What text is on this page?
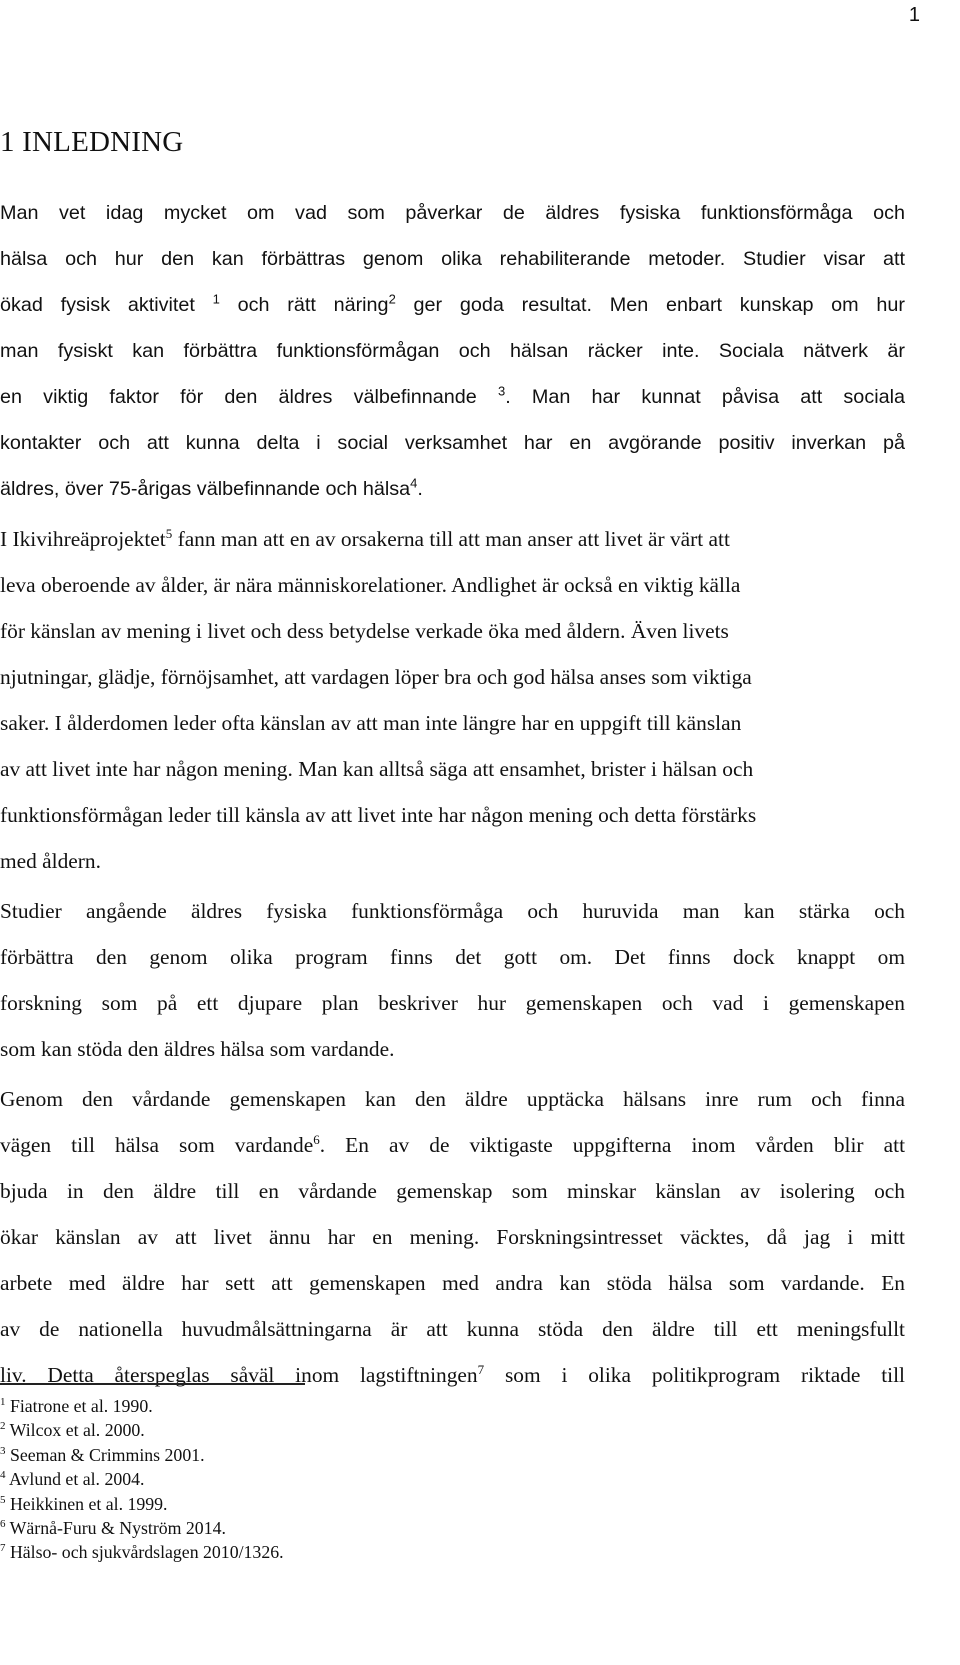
1
1 INLEDNING

Man vet idag mycket om vad som påverkar de äldres fysiska funktionsförmåga och
hälsa och hur den kan förbättras genom olika rehabiliterande metoder. Studier visar att
ökad fysisk aktivitet $^1$ och rätt näring$^2$ ger goda resultat. Men enbart kunskap om hur
man fysiskt kan förbättra funktionsförmågan och hälsan räcker inte. Sociala nätverk är
en viktig faktor för den äldres välbefinnande $^3$. Man har kunnat påvisa att sociala
kontakter och att kunna delta i social verksamhet har en avgörande positiv inverkan på
äldres, över 75-årigas välbefinnande och hälsa$^4$.

I Ikivihreäprojektet$^5$ fann man att en av orsakerna till att man anser att livet är värt att
leva oberoende av ålder, är nära människorelationer. Andlighet är också en viktig källa
för känslan av mening i livet och dess betydelse verkade öka med åldern. Även livets
njutningar, glädje, förnöjsamhet, att vardagen löper bra och god hälsa anses som viktiga
saker. I ålderdomen leder ofta känslan av att man inte längre har en uppgift till känslan
av att livet inte har någon mening. Man kan alltså säga att ensamhet, brister i hälsan och
funktionsförmågan leder till känsla av att livet inte har någon mening och detta förstärks
med åldern.

Studier angående äldres fysiska funktionsförmåga och huruvida man kan stärka och
förbättra den genom olika program finns det gott om. Det finns dock knappt om
forskning som på ett djupare plan beskriver hur gemenskapen och vad i gemenskapen
som kan stöda den äldres hälsa som vardande.

Genom den vårdande gemenskapen kan den äldre upptäcka hälsans inre rum och finna
vägen till hälsa som vardande$^6$. En av de viktigaste uppgifterna inom vården blir att
bjuda in den äldre till en vårdande gemenskap som minskar känslan av isolering och
ökar känslan av att livet ännu har en mening. Forskningsintresset väcktes, då jag i mitt
arbete med äldre har sett att gemenskapen med andra kan stöda hälsa som vardande. En
av de nationella huvudmålsättningarna är att kunna stöda den äldre till ett meningsfullt
liv. Detta återspeglas såväl inom lagstiftningen$^7$ som i olika politikprogram riktade till

$^1$ Fiatrone et al. 1990.
$^2$ Wilcox et al. 2000.
$^3$ Seeman & Crimmins 2001.
$^4$ Avlund et al. 2004.
$^5$ Heikkinen et al. 1999.
$^6$ Wärnå-Furu & Nyström 2014.
$^7$ Hälso- och sjukvårdslagen 2010/1326.
